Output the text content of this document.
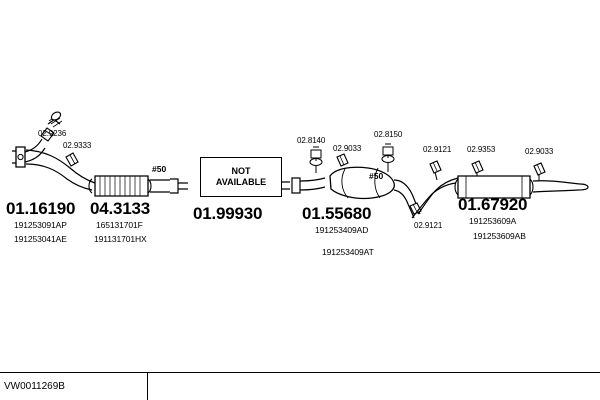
NOT
AVAILABLE
#50
#50
02.9236
02.9333
02.8140
02.9033
02.8150
02.9121 02.9353	02.9033
02.9121
01.16190
191253091AP
191253041AE
04.3133
165131701F
191131701HX
01.99930 01.55680
191253409AD
191253409AT
01.67920
191253609A
191253609AB
VW0011269B
